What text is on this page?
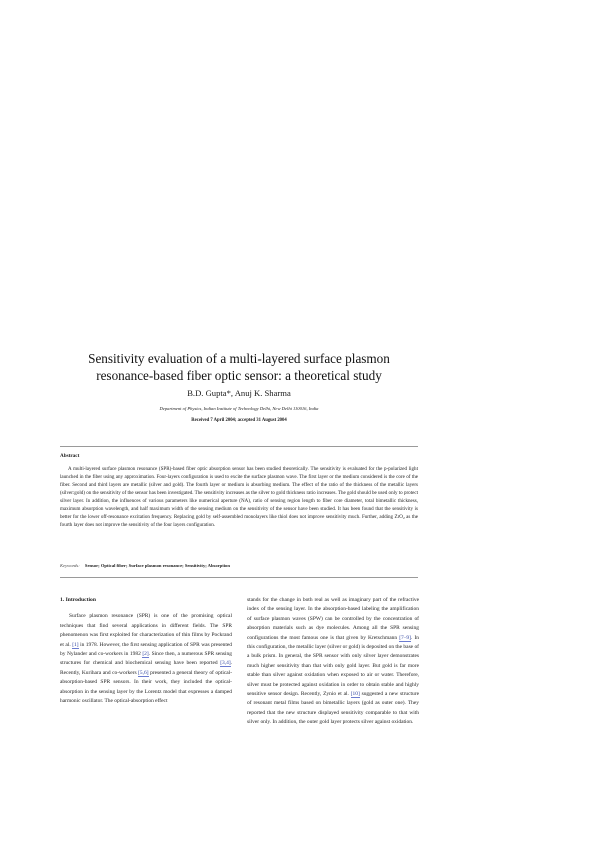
Sensitivity evaluation of a multi-layered surface plasmon
resonance-based fiber optic sensor: a theoretical study
B.D. Gupta*, Anuj K. Sharma
Department of Physics, Indian Institute of Technology Delhi, New Delhi 110016, India
Received 7 April 2004; accepted 31 August 2004
Abstract
A multi-layered surface plasmon resonance (SPR)-based fiber optic absorption sensor has been studied theoretically. The sensitivity is evaluated for the p-polarized light launched in the fiber using any approximation. Four-layers configuration is used to excite the surface plasmon wave. The first layer or the medium considered is the core of the fiber. Second and third layers are metallic (silver and gold). The fourth layer or medium is absorbing medium. The effect of the ratio of the thickness of the metallic layers (silver:gold) on the sensitivity of the sensor has been investigated. The sensitivity increases as the silver to gold thickness ratio increases. The gold should be used only to protect silver layer. In addition, the influences of various parameters like numerical aperture (NA), ratio of sensing region length to fiber core diameter, total bimetallic thickness, maximum absorption wavelength, and half maximum width of the sensing medium on the sensitivity of the sensor have been studied. It has been found that the sensitivity is better for the lower off-resonance excitation frequency. Replacing gold by self-assembled monolayers like thiol does not improve sensitivity much. Further, adding ZrO$_2$ as the fourth layer does not improve the sensitivity of the four layers configuration.
Keywords: Sensor; Optical fiber; Surface plasmon resonance; Sensitivity; Absorption
1. Introduction

Surface plasmon resonance (SPR) is one of the promising optical techniques that find several applications in different fields. The SPR phenomenon was first exploited for characterization of thin films by Pockrand et al. [1] in 1978. However, the first sensing application of SPR was presented by Nylander and co-workers in 1982 [2]. Since then, a numerous SPR sensing structures for chemical and biochemical sensing have been reported [3,4]. Recently, Kurihara and co-workers [5,6] presented a general theory of optical-absorption-based SPR sensors. In their work, they included the optical-absorption in the sensing layer by the Lorentz model that expresses a damped harmonic oscillator. The optical-absorption effect

stands for the change in both real as well as imaginary part of the refractive index of the sensing layer. In the absorption-based labeling the amplification of surface plasmon waves (SPW) can be controlled by the concentration of absorption materials such as dye molecules. Among all the SPR sensing configurations the most famous one is that given by Kretschmann [7–9]. In this configuration, the metallic layer (silver or gold) is deposited on the base of a bulk prism. In general, the SPR sensor with only silver layer demonstrates much higher sensitivity than that with only gold layer. But gold is far more stable than silver against oxidation when exposed to air or water. Therefore, silver must be protected against oxidation in order to obtain stable and highly sensitive sensor design. Recently, Zynio et al. [10] suggested a new structure of resonant metal films based on bimetallic layers (gold as outer one). They reported that the new structure displayed sensitivity comparable to that with silver only. In addition, the outer gold layer protects silver against oxidation.
